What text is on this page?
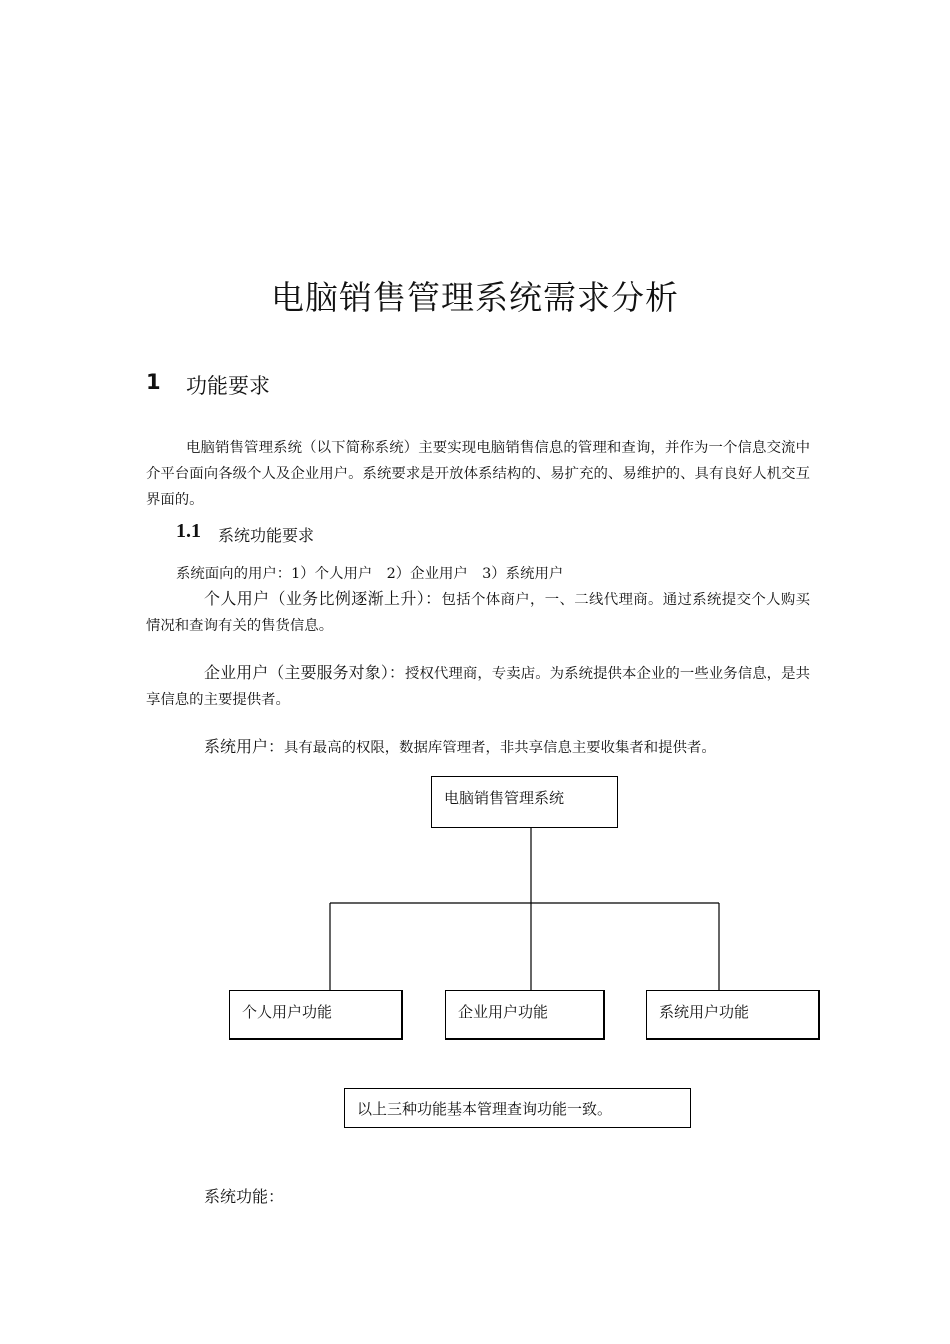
电脑销售管理系统需求分析
1 功能要求
电脑销售管理系统（以下简称系统）主要实现电脑销售信息的管理和查询，并作为一个信息交流中介平台面向各级个人及企业用户。系统要求是开放体系结构的、易扩充的、易维护的、具有良好人机交互界面的。
1.1 系统功能要求
系统面向的用户：1）个人用户　2）企业用户　3）系统用户
个人用户（业务比例逐渐上升）：包括个体商户，一、二线代理商。通过系统提交个人购买情况和查询有关的售货信息。
企业用户（主要服务对象）：授权代理商，专卖店。为系统提供本企业的一些业务信息，是共享信息的主要提供者。
系统用户：具有最高的权限，数据库管理者，非共享信息主要收集者和提供者。
电脑销售管理系统
个人用户功能	企业用户功能	系统用户功能
以上三种功能基本管理查询功能一致。
系统功能：
